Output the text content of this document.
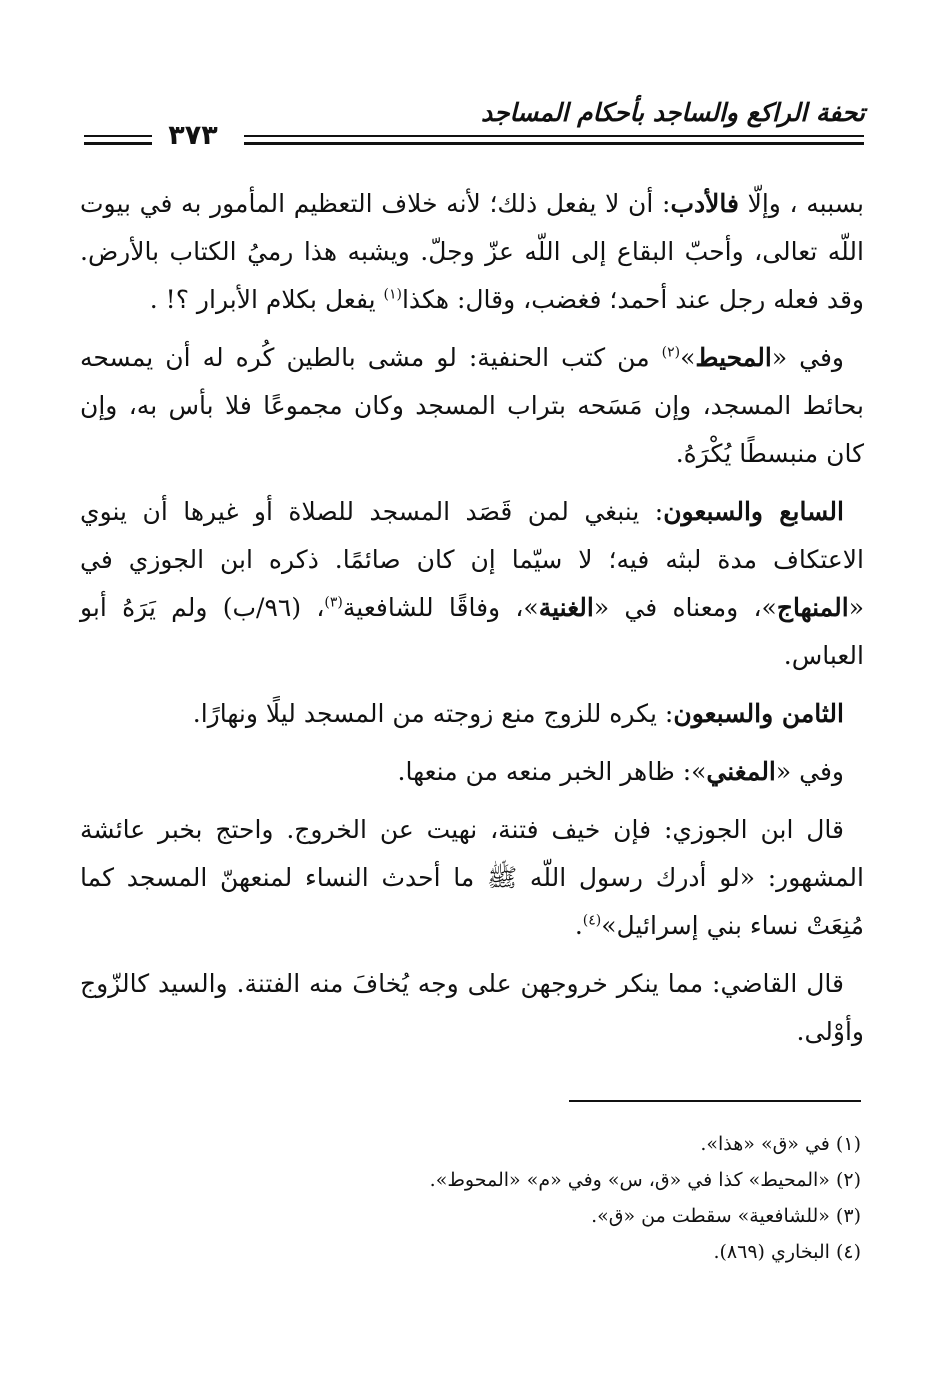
تحفة الراكع والساجد بأحكام المساجد
٣٧٣

بسببه ، وإلّا فالأدب: أن لا يفعل ذلك؛ لأنه خلاف التعظيم المأمور به في بيوت اللّه تعالى، وأحبّ البقاع إلى اللّه عزّ وجلّ. ويشبه هذا رميُ الكتاب بالأرض. وقد فعله رجل عند أحمد؛ فغضب، وقال: هكذا$^{(١)}$ يفعل بكلام الأبرار ؟! .

وفي «المحيط»$^{(٢)}$ من كتب الحنفية: لو مشى بالطين كُره له أن يمسحه بحائط المسجد، وإن مَسَحه بتراب المسجد وكان مجموعًا فلا بأس به، وإن كان منبسطًا يُكْرَهُ.

السابع والسبعون: ينبغي لمن قَصَد المسجد للصلاة أو غيرها أن ينوي الاعتكاف مدة لبثه فيه؛ لا سيّما إن كان صائمًا. ذكره ابن الجوزي في «المنهاج»، ومعناه في «الغنية»، وفاقًا للشافعية$^{(٣)}$، (٩٦/ب) ولم يَرَهُ أبو العباس.

الثامن والسبعون: يكره للزوج منع زوجته من المسجد ليلًا ونهارًا.

وفي «المغني»: ظاهر الخبر منعه من منعها.

قال ابن الجوزي: فإن خيف فتنة، نهيت عن الخروج. واحتج بخبر عائشة المشهور: «لو أدرك رسول اللّه ﷺ ما أحدث النساء لمنعهنّ المسجد كما مُنِعَتْ نساء بني إسرائيل»$^{(٤)}$.

قال القاضي: مما ينكر خروجهن على وجه يُخافَ منه الفتنة. والسيد كالزّوج وأوْلى.

(١) في «ق» «هذا».
(٢) «المحيط» كذا في «ق، س» وفي «م» «المحوط».
(٣) «للشافعية» سقطت من «ق».
(٤) البخاري (٨٦٩).
